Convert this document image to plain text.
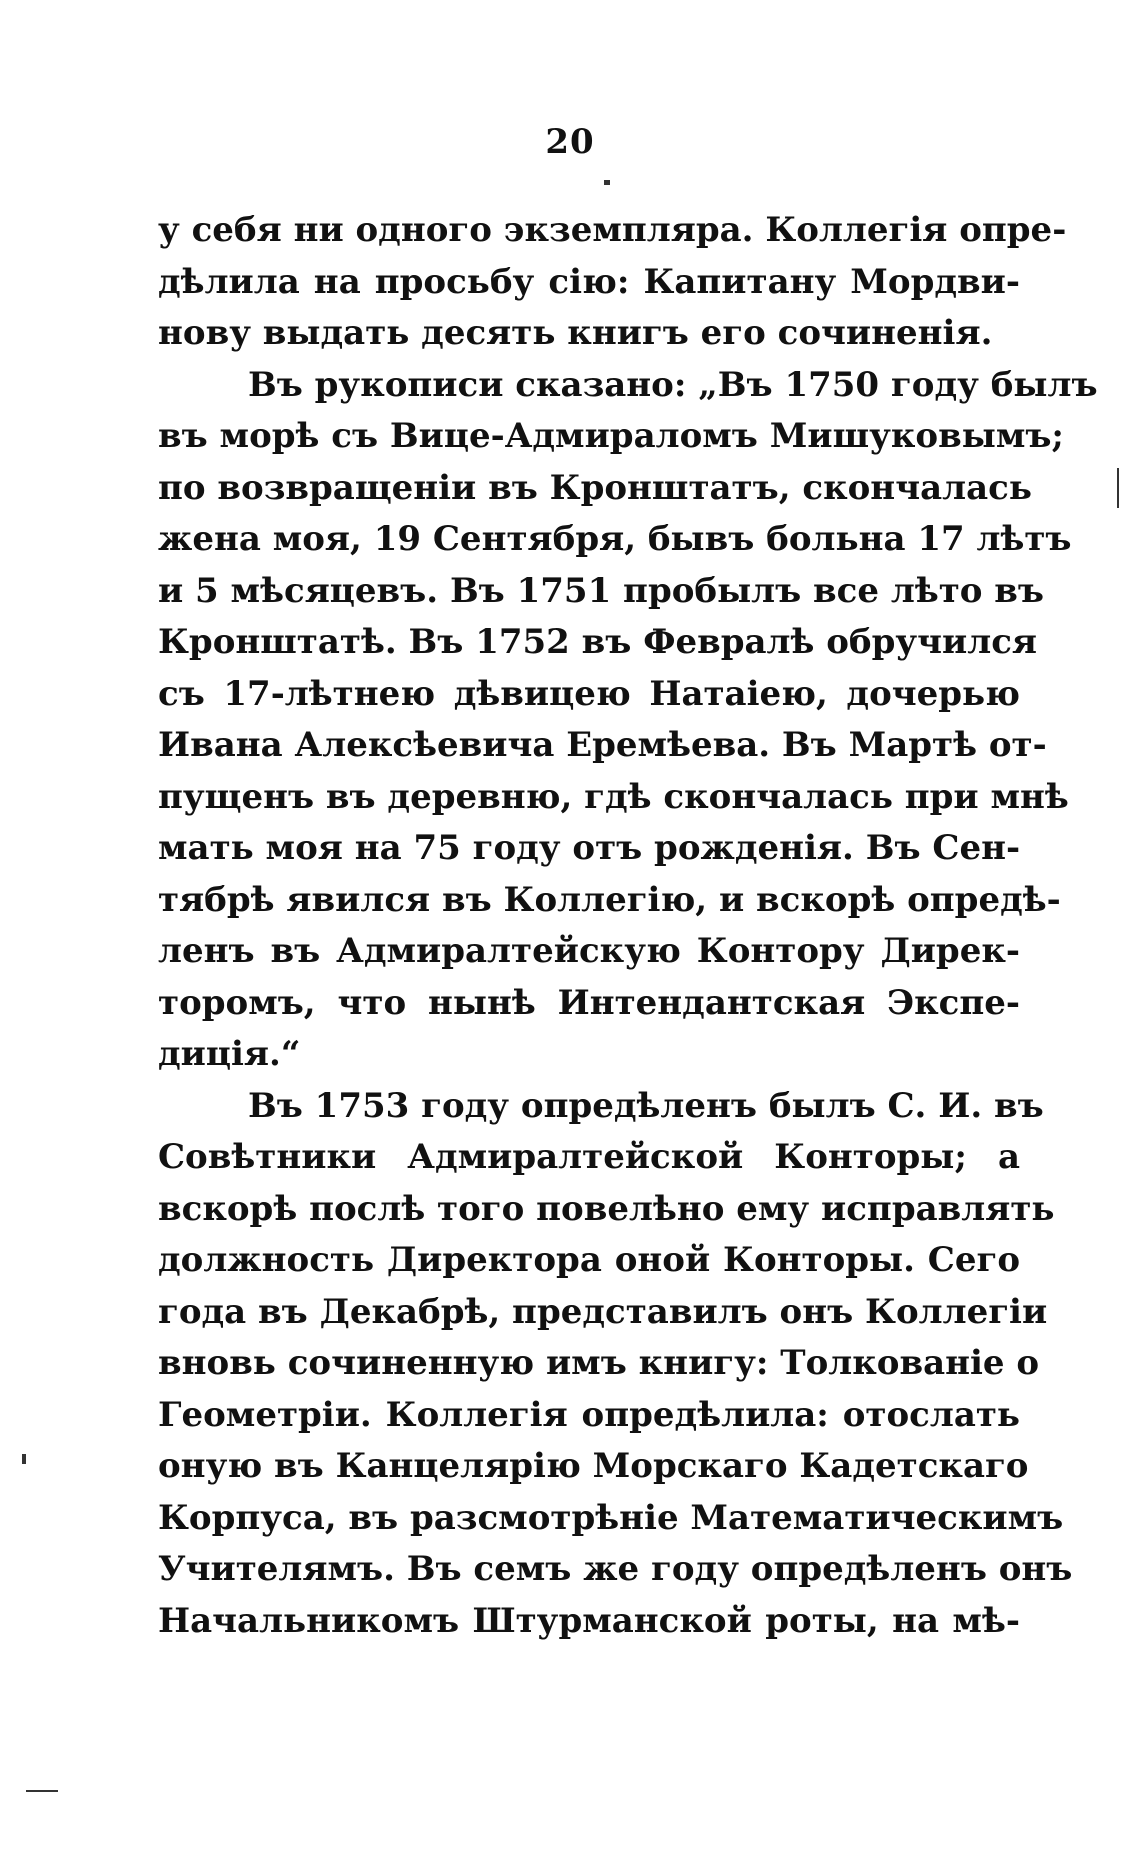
20
у себя ни одного экземпляра. Коллегія опре-
дѣлила на просьбу сію: Капитану Мордви-
нову выдать десять книгъ его сочиненія.
Въ рукописи сказано: „Въ 1750 году былъ
въ морѣ съ Вице-Адмираломъ Мишуковымъ;
по возвращеніи въ Кронштатъ, скончалась
жена моя, 19 Сентября, бывъ больна 17 лѣтъ
и 5 мѣсяцевъ. Въ 1751 пробылъ все лѣто въ
Кронштатѣ. Въ 1752 въ Февралѣ обручился
съ 17-лѣтнею дѣвицею Натаіею, дочерью
Ивана Алексѣевича Еремѣева. Въ Мартѣ от-
пущенъ въ деревню, гдѣ скончалась при мнѣ
мать моя на 75 году отъ рожденія. Въ Сен-
тябрѣ явился въ Коллегію, и вскорѣ опредѣ-
ленъ въ Адмиралтейскую Контору Дирек-
торомъ, что нынѣ Интендантская Экспе-
диція.“
Въ 1753 году опредѣленъ былъ С. И. въ
Совѣтники Адмиралтейской Конторы; а
вскорѣ послѣ того повелѣно ему исправлять
должность Директора оной Конторы. Сего
года въ Декабрѣ, представилъ онъ Коллегіи
вновь сочиненную имъ книгу: Толкованіе о
Геометріи. Коллегія опредѣлила: отослать
оную въ Канцелярію Морскаго Кадетскаго
Корпуса, въ разсмотрѣніе Математическимъ
Учителямъ. Въ семъ же году опредѣленъ онъ
Начальникомъ Штурманской роты, на мѣ-
